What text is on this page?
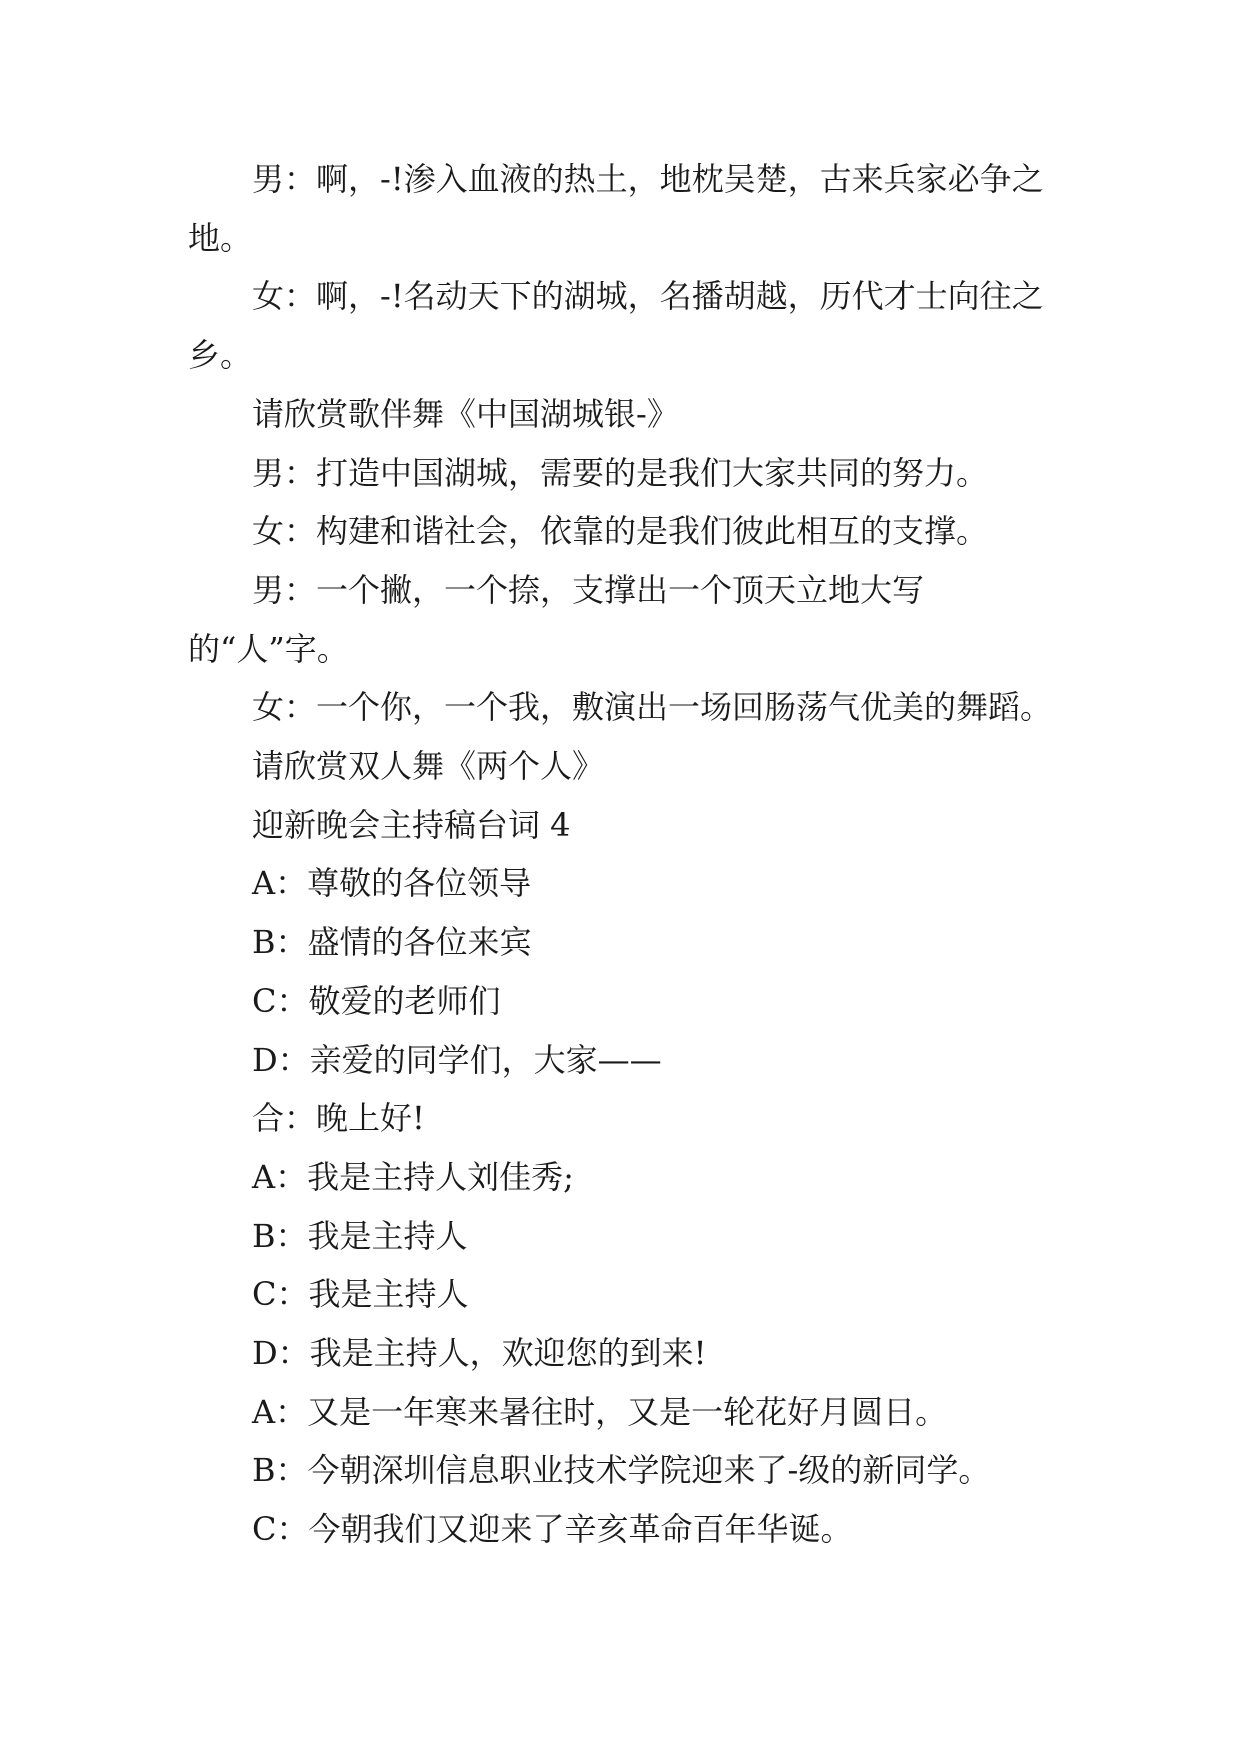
男：啊，-!渗入血液的热土，地枕吴楚，古来兵家必争之地。

女：啊，-!名动天下的湖城，名播胡越，历代才士向往之乡。

请欣赏歌伴舞《中国湖城银-》

男：打造中国湖城，需要的是我们大家共同的努力。

女：构建和谐社会，依靠的是我们彼此相互的支撑。

男：一个撇，一个捺，支撑出一个顶天立地大写的“人”字。

女：一个你，一个我，敷演出一场回肠荡气优美的舞蹈。

请欣赏双人舞《两个人》

迎新晚会主持稿台词 4

A：尊敬的各位领导

B：盛情的各位来宾

C：敬爱的老师们

D：亲爱的同学们，大家——

合：晚上好!

A：我是主持人刘佳秀;

B：我是主持人

C：我是主持人

D：我是主持人，欢迎您的到来!

A：又是一年寒来暑往时，又是一轮花好月圆日。

B：今朝深圳信息职业技术学院迎来了-级的新同学。

C：今朝我们又迎来了辛亥革命百年华诞。
